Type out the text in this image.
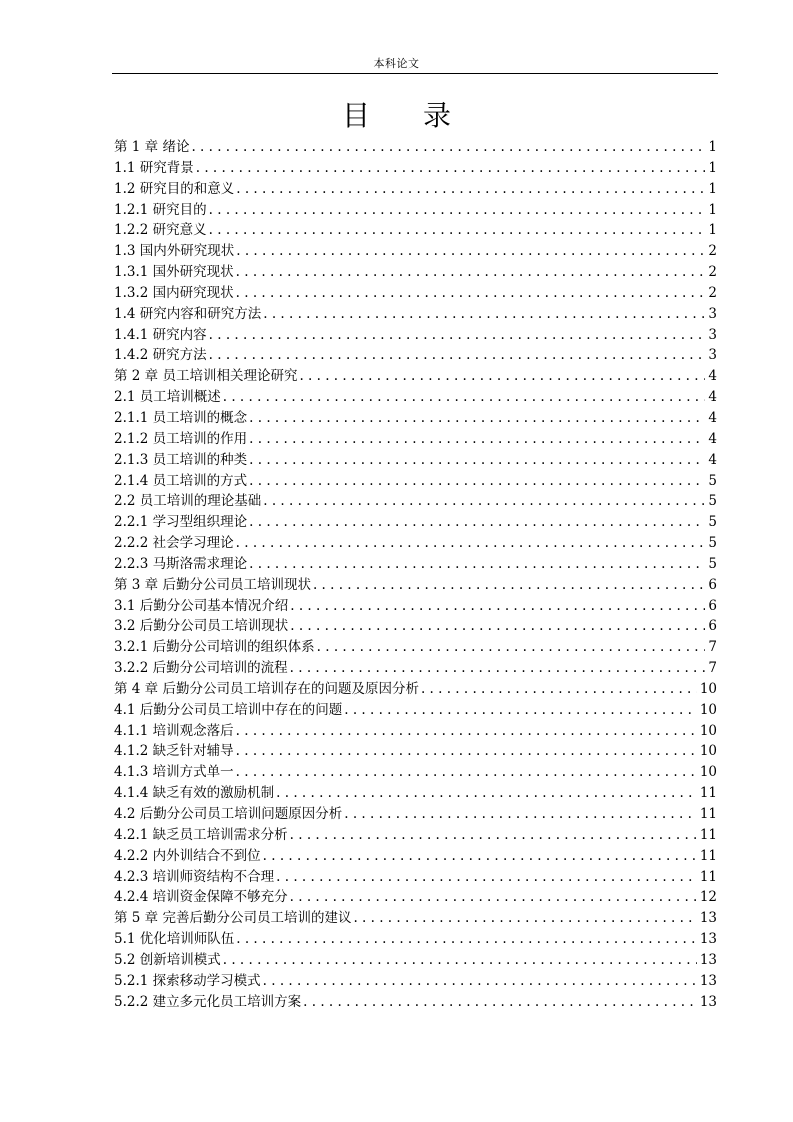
本科论文
目 录
第 1 章 绪论 . . .	1
1.1 研究背景 . . .	1
1.2 研究目的和意义 . . .	1
1.2.1 研究目的 . . .	1
1.2.2 研究意义 . . .	1
1.3 国内外研究现状 . . .	2
1.3.1 国外研究现状 . . .	2
1.3.2 国内研究现状 . . .	2
1.4 研究内容和研究方法 . . .	3
1.4.1 研究内容 . . .	3
1.4.2 研究方法 . . .	3
第 2 章 员工培训相关理论研究 . . .	4
2.1 员工培训概述 . . .	4
2.1.1 员工培训的概念 . . .	4
2.1.2 员工培训的作用 . . .	4
2.1.3 员工培训的种类 . . .	4
2.1.4 员工培训的方式 . . .	5
2.2 员工培训的理论基础 . . .	5
2.2.1 学习型组织理论 . . .	5
2.2.2 社会学习理论 . . .	5
2.2.3 马斯洛需求理论 . . .	5
第 3 章 后勤分公司员工培训现状 . . .	6
3.1 后勤分公司基本情况介绍 . . .	6
3.2 后勤分公司员工培训现状 . . .	6
3.2.1 后勤分公司培训的组织体系 . . .	7
3.2.2 后勤分公司培训的流程 . . .	7
第 4 章 后勤分公司员工培训存在的问题及原因分析 . . .	10
4.1 后勤分公司员工培训中存在的问题 . . .	10
4.1.1 培训观念落后 . . .	10
4.1.2 缺乏针对辅导 . . .	10
4.1.3 培训方式单一 . . .	10
4.1.4 缺乏有效的激励机制 . . .	11
4.2 后勤分公司员工培训问题原因分析 . . .	11
4.2.1 缺乏员工培训需求分析 . . .	11
4.2.2 内外训结合不到位 . . .	11
4.2.3 培训师资结构不合理 . . .	11
4.2.4 培训资金保障不够充分 . . .	12
第 5 章 完善后勤分公司员工培训的建议 . . .	13
5.1 优化培训师队伍 . . .	13
5.2 创新培训模式 . . .	13
5.2.1 探索移动学习模式 . . .	13
5.2.2 建立多元化员工培训方案 . . .	13
